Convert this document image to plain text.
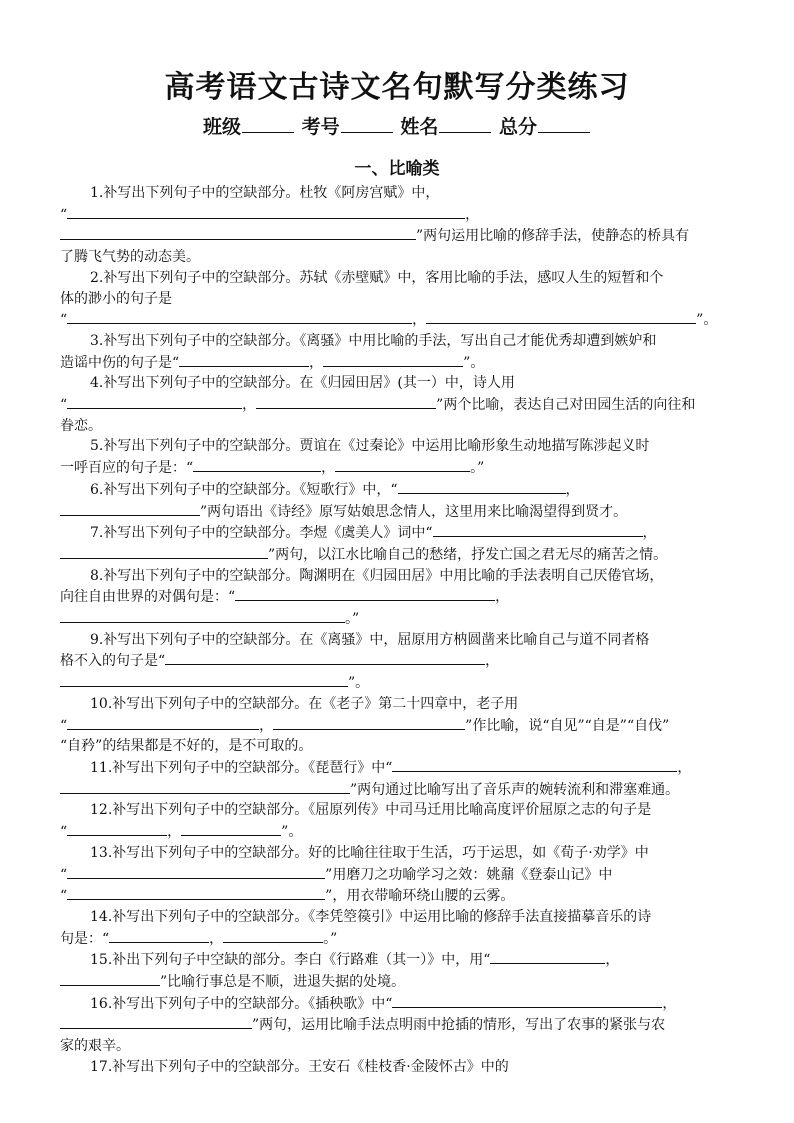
高考语文古诗文名句默写分类练习
班级	考号	姓名	总分
一、比喻类

1.补写出下列句子中的空缺部分。杜牧《阿房宫赋》中，

“	，

”两句运用比喻的修辞手法，使静态的桥具有

了腾飞气势的动态美。

2.补写出下列句子中的空缺部分。苏轼《赤壁赋》中，客用比喻的手法，感叹人生的短暂和个

体的渺小的句子是

“	，	”。

3.补写出下列句子中的空缺部分。《离骚》中用比喻的手法，写出自己才能优秀却遭到嫉妒和

造谣中伤的句子是“	，	”。

4.补写出下列句子中的空缺部分。在《归园田居》(其一）中，诗人用

“	，	”两个比喻，表达自己对田园生活的向往和

眷恋。

5.补写出下列句子中的空缺部分。贾谊在《过秦论》中运用比喻形象生动地描写陈涉起义时

一呼百应的句子是：“	，	。”

6.补写出下列句子中的空缺部分。《短歌行》中，“	，

”两句语出《诗经》原写姑娘思念情人，这里用来比喻渴望得到贤才。

7.补写出下列句子中的空缺部分。李煜《虞美人》词中“	，

”两句，以江水比喻自己的愁绪，抒发亡国之君无尽的痛苦之情。

8.补写出下列句子中的空缺部分。陶渊明在《归园田居》中用比喻的手法表明自己厌倦官场，

向往自由世界的对偶句是：“	，

。”

9.补写出下列句子中的空缺部分。在《离骚》中，屈原用方枘圆凿来比喻自己与道不同者格

格不入的句子是“	，

”。

10.补写出下列句子中的空缺部分。在《老子》第二十四章中，老子用

“	，	”作比喻，说“自见”“自是”“自伐”

“自矜”的结果都是不好的，是不可取的。

11.补写出下列句子中的空缺部分。《琵琶行》中“	，

”两句通过比喻写出了音乐声的婉转流利和滞塞难通。

12.补写出下列句子中的空缺部分。《屈原列传》中司马迁用比喻高度评价屈原之志的句子是

“	，	”。

13.补写出下列句子中的空缺部分。好的比喻往往取于生活，巧于运思，如《荀子·劝学》中

“	”用磨刀之功喻学习之效：姚鼐《登泰山记》中

“	”，用衣带喻环绕山腰的云雾。

14.补写出下列句子中的空缺部分。《李凭箜篌引》中运用比喻的修辞手法直接描摹音乐的诗

句是：“	，	。”

15.补出下列句子中空缺的部分。李白《行路难（其一）》中，用“	，

”比喻行事总是不顺，进退失据的处境。

16.补写出下列句子中的空缺部分。《插秧歌》中“	，

”两句，运用比喻手法点明雨中抢插的情形，写出了农事的紧张与农

家的艰辛。

17.补写出下列句子中的空缺部分。王安石《桂枝香·金陵怀古》中的
